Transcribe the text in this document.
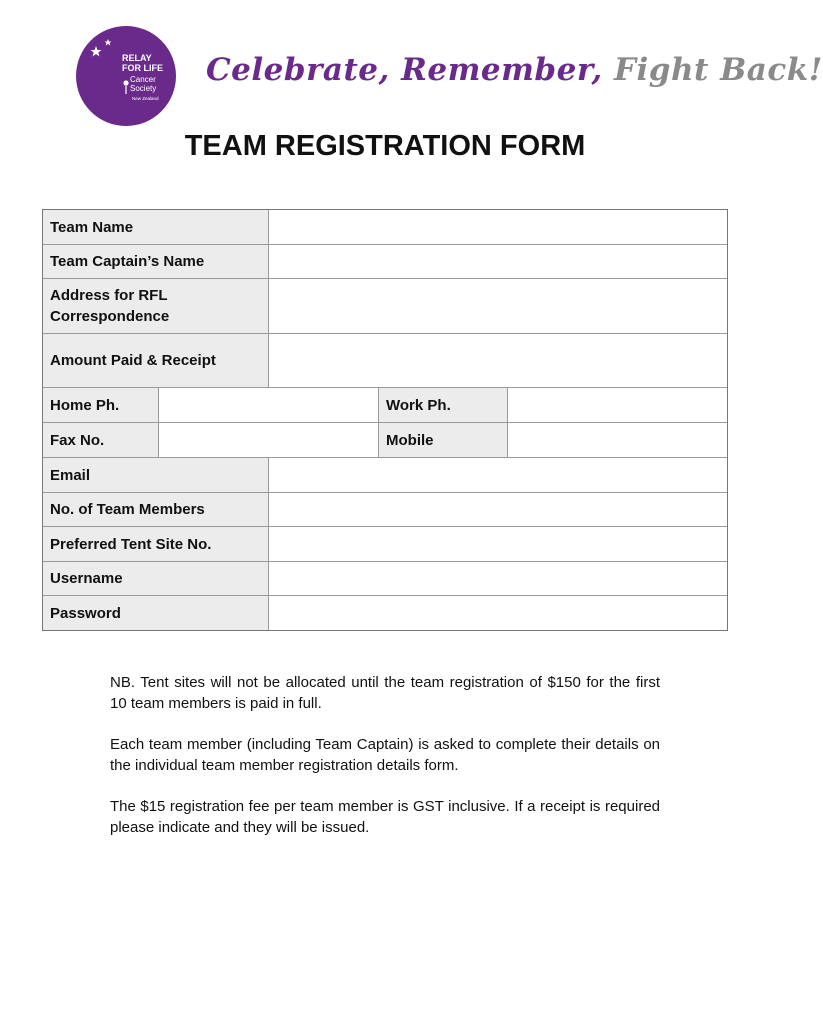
RELAY
FOR LIFE
Cancer
Society
New Zealand
Celebrate, Remember, Fight Back!
TEAM REGISTRATION FORM
Team Name
Team Captain’s Name
Address for RFL
Correspondence
Amount Paid & Receipt
Home Ph.	Work Ph.
Fax No.	Mobile
Email
No. of Team Members
Preferred Tent Site No.
Username
Password

NB. Tent sites will not be allocated until the team registration of $150 for the first 10 team members is paid in full.

Each team member (including Team Captain) is asked to complete their details on the individual team member registration details form.

The $15 registration fee per team member is GST inclusive. If a receipt is required please indicate and they will be issued.
